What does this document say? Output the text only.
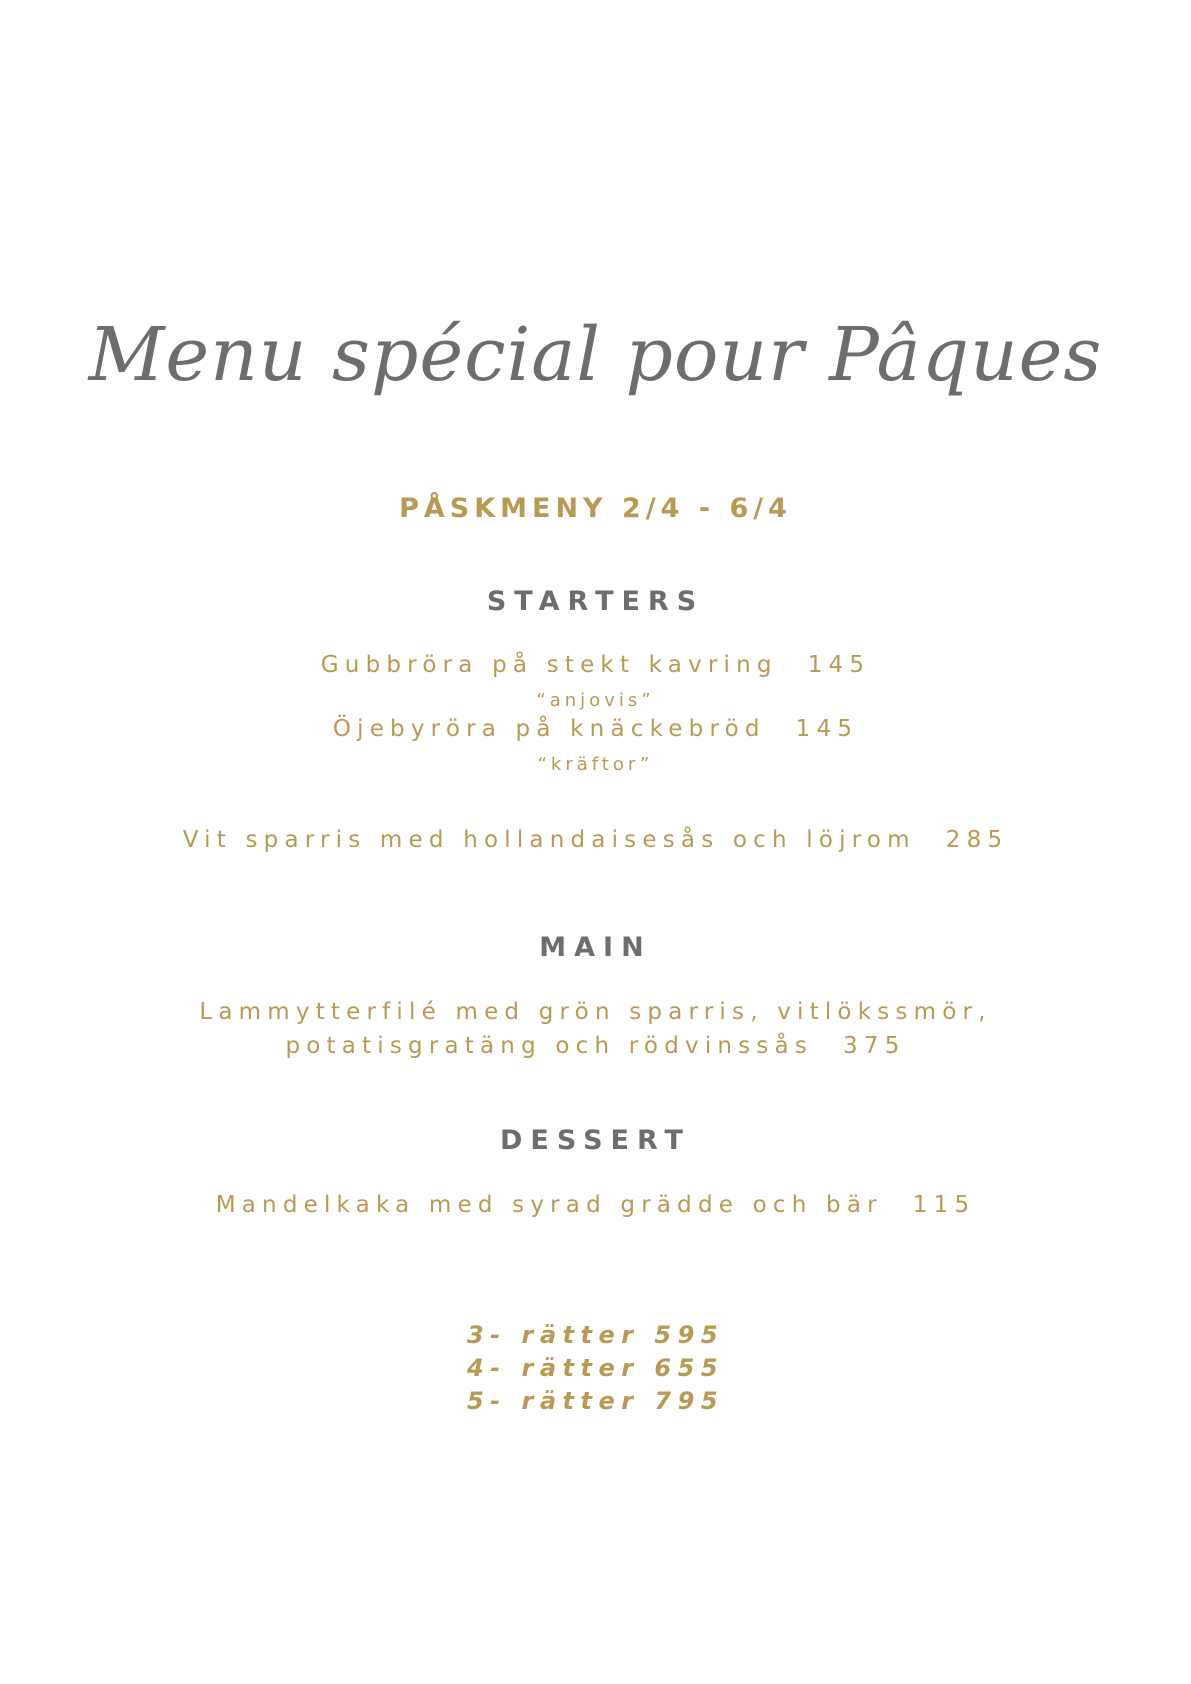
Menu spécial pour Pâques
PÅSKMENY 2/4 - 6/4
STARTERS
Gubbröra på stekt kavring 145
“anjovis”
Öjebyröra på knäckebröd 145
“kräftor”
Vit sparris med hollandaisesås och löjrom 285
MAIN
Lammytterfilé med grön sparris, vitlökssmör,
potatisgratäng och rödvinssås 375
DESSERT
Mandelkaka med syrad grädde och bär 115
3- rätter 595
4- rätter 655
5- rätter 795
